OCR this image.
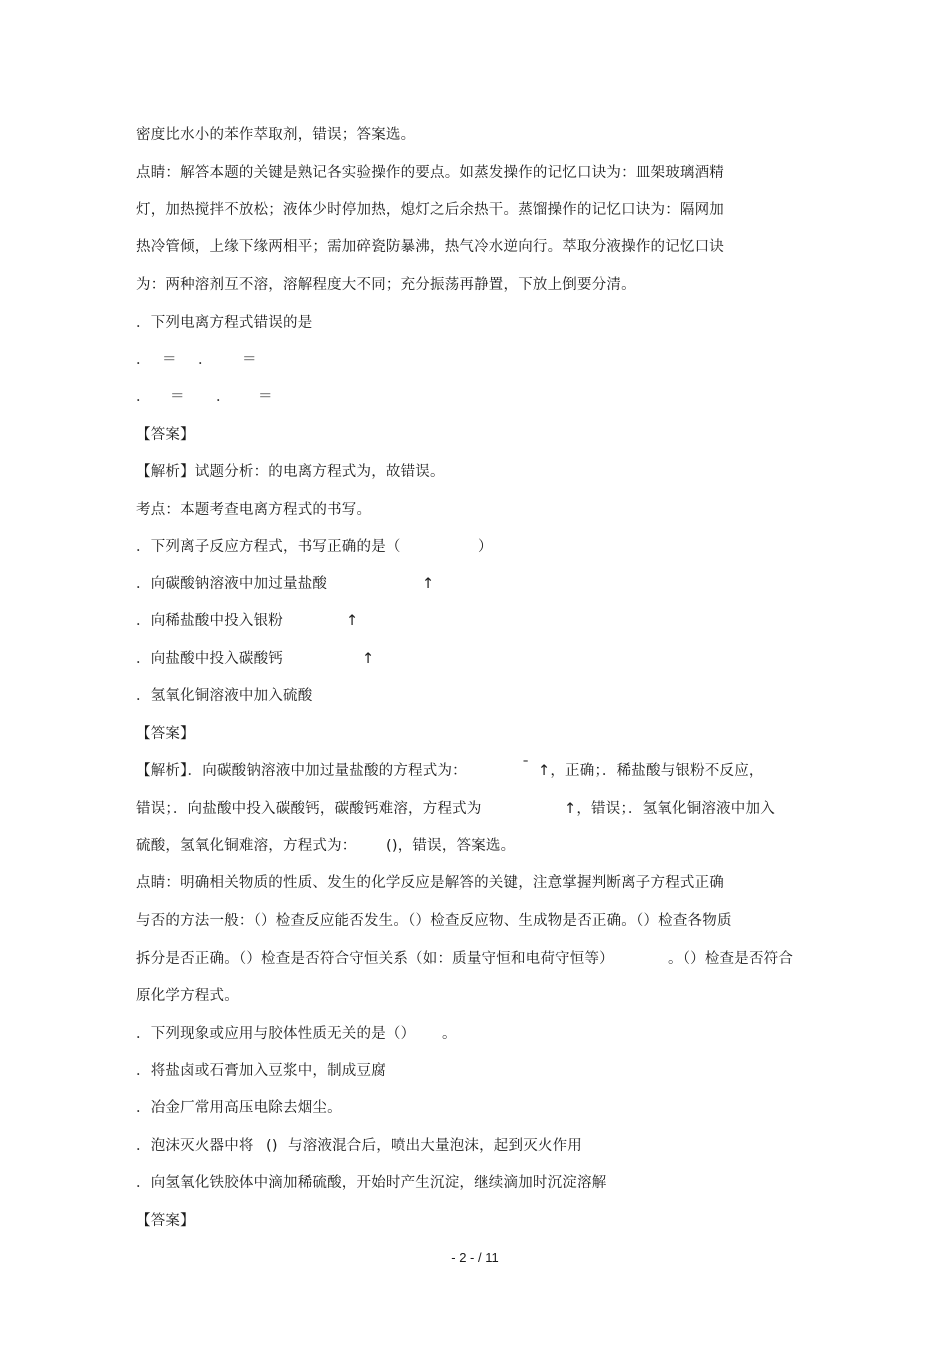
密度比水小的苯作萃取剂，错误；答案选。
点睛：解答本题的关键是熟记各实验操作的要点。如蒸发操作的记忆口诀为：皿架玻璃酒精
灯，加热搅拌不放松；液体少时停加热，熄灯之后余热干。蒸馏操作的记忆口诀为：隔网加
热冷管倾，上缘下缘两相平；需加碎瓷防暴沸，热气冷水逆向行。萃取分液操作的记忆口诀
为：两种溶剂互不溶，溶解程度大不同；充分振荡再静置，下放上倒要分清。
．下列电离方程式错误的是
． ＝ ． ＝
． ＝ ． ＝
【答案】
【解析】试题分析：的电离方程式为，故错误。
考点：本题考查电离方程式的书写。
．下列离子反应方程式，书写正确的是（	）
．向碳酸钠溶液中加过量盐酸	↑
．向稀盐酸中投入银粉	↑
．向盐酸中投入碳酸钙	↑
．氢氧化铜溶液中加入硫酸
【答案】
【解析】．向碳酸钠溶液中加过量盐酸的方程式为：	¯ ↑，正确；．稀盐酸与银粉不反应，
错误；．向盐酸中投入碳酸钙，碳酸钙难溶，方程式为	↑，错误；．氢氧化铜溶液中加入
硫酸，氢氧化铜难溶，方程式为： ()，错误，答案选。
点睛：明确相关物质的性质、发生的化学反应是解答的关键，注意掌握判断离子方程式正确
与否的方法一般：（）检查反应能否发生。（）检查反应物、生成物是否正确。（）检查各物质
拆分是否正确。（）检查是否符合守恒关系（如：质量守恒和电荷守恒等）	。（）检查是否符合
原化学方程式。
．下列现象或应用与胶体性质无关的是（） 。
．将盐卤或石膏加入豆浆中，制成豆腐
．冶金厂常用高压电除去烟尘。
．泡沫灭火器中将 () 与溶液混合后，喷出大量泡沫，起到灭火作用
．向氢氧化铁胶体中滴加稀硫酸，开始时产生沉淀，继续滴加时沉淀溶解
【答案】
- 2 - / 11
